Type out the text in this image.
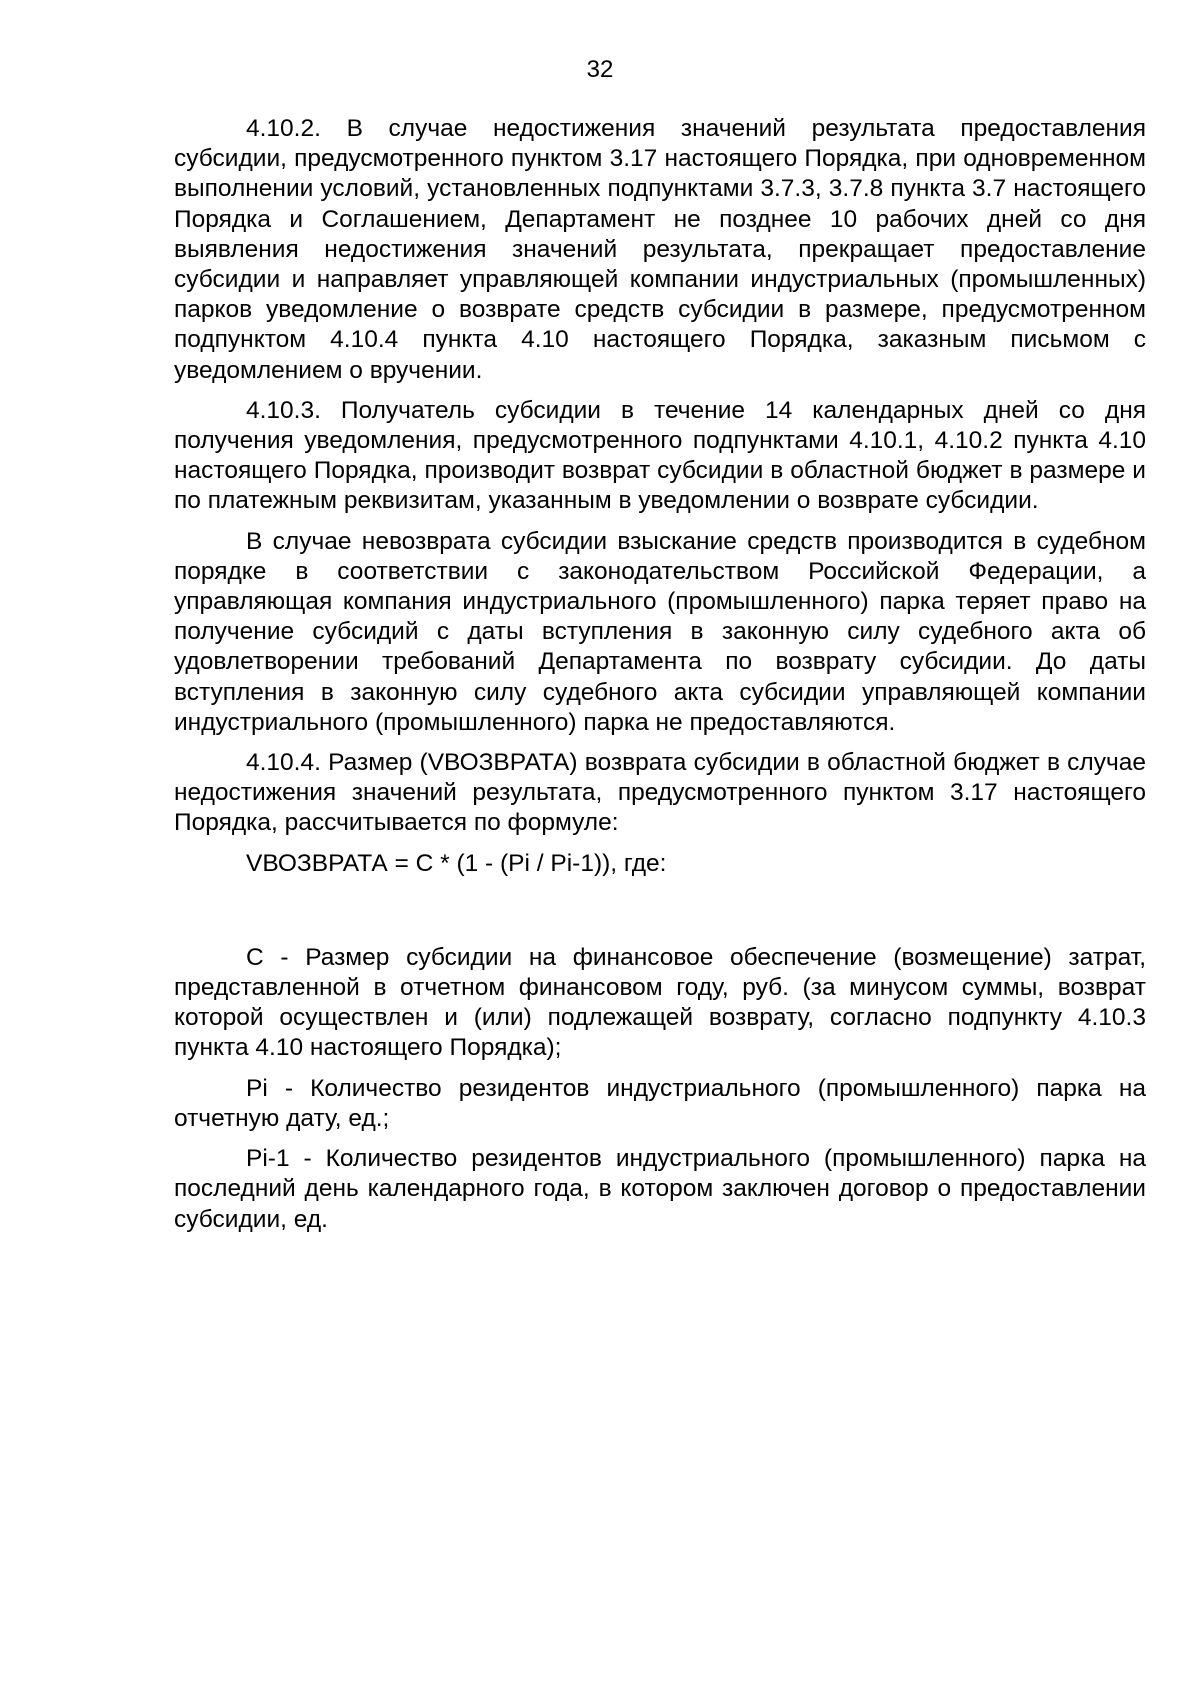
32

4.10.2. В случае недостижения значений результата предоставления субсидии, предусмотренного пунктом 3.17 настоящего Порядка, при одновременном выполнении условий, установленных подпунктами 3.7.3, 3.7.8 пункта 3.7 настоящего Порядка и Соглашением, Департамент не позднее 10 рабочих дней со дня выявления недостижения значений результата, прекращает предоставление субсидии и направляет управляющей компании индустриальных (промышленных) парков уведомление о возврате средств субсидии в размере, предусмотренном подпунктом 4.10.4 пункта 4.10 настоящего Порядка, заказным письмом с уведомлением о вручении.

4.10.3. Получатель субсидии в течение 14 календарных дней со дня получения уведомления, предусмотренного подпунктами 4.10.1, 4.10.2 пункта 4.10 настоящего Порядка, производит возврат субсидии в областной бюджет в размере и по платежным реквизитам, указанным в уведомлении о возврате субсидии.

В случае невозврата субсидии взыскание средств производится в судебном порядке в соответствии с законодательством Российской Федерации, а управляющая компания индустриального (промышленного) парка теряет право на получение субсидий с даты вступления в законную силу судебного акта об удовлетворении требований Департамента по возврату субсидии. До даты вступления в законную силу судебного акта субсидии управляющей компании индустриального (промышленного) парка не предоставляются.

4.10.4. Размер (VВОЗВРАТА) возврата субсидии в областной бюджет в случае недостижения значений результата, предусмотренного пунктом 3.17 настоящего Порядка, рассчитывается по формуле:

VВОЗВРАТА = C * (1 - (Pi / Pi-1)), где:

C - Размер субсидии на финансовое обеспечение (возмещение) затрат, представленной в отчетном финансовом году, руб. (за минусом суммы, возврат которой осуществлен и (или) подлежащей возврату, согласно подпункту 4.10.3 пункта 4.10 настоящего Порядка);

Pi - Количество резидентов индустриального (промышленного) парка на отчетную дату, ед.;

Pi-1 - Количество резидентов индустриального (промышленного) парка на последний день календарного года, в котором заключен договор о предоставлении субсидии, ед.
